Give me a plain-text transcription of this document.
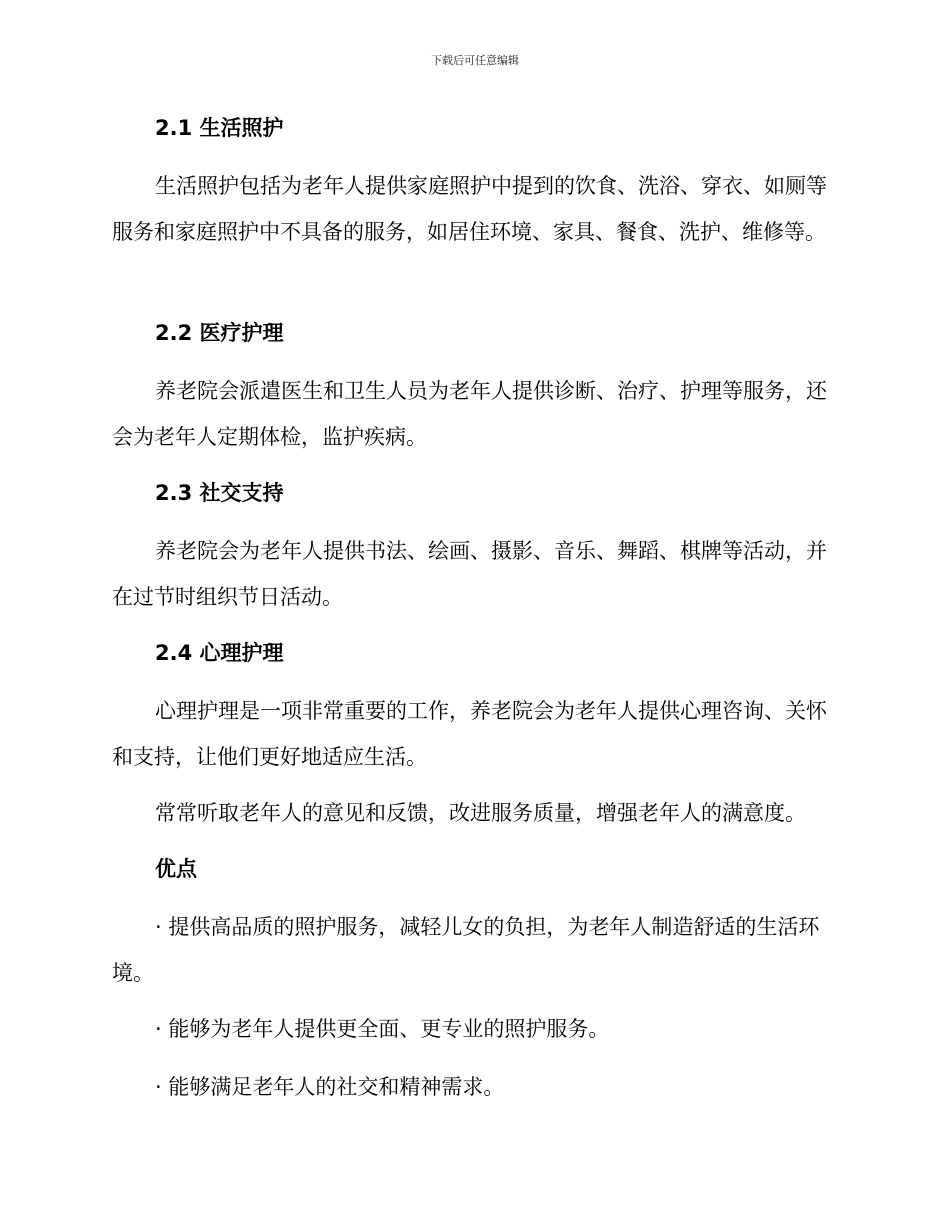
下载后可任意编辑
2.1 生活照护
生活照护包括为老年人提供家庭照护中提到的饮食、洗浴、穿衣、如厕等服务和家庭照护中不具备的服务，如居住环境、家具、餐食、洗护、维修等。
2.2 医疗护理
养老院会派遣医生和卫生人员为老年人提供诊断、治疗、护理等服务，还会为老年人定期体检，监护疾病。
2.3 社交支持
养老院会为老年人提供书法、绘画、摄影、音乐、舞蹈、棋牌等活动，并在过节时组织节日活动。
2.4 心理护理
心理护理是一项非常重要的工作，养老院会为老年人提供心理咨询、关怀和支持，让他们更好地适应生活。
常常听取老年人的意见和反馈，改进服务质量，增强老年人的满意度。
优点
· 提供高品质的照护服务，减轻儿女的负担，为老年人制造舒适的生活环境。
· 能够为老年人提供更全面、更专业的照护服务。
· 能够满足老年人的社交和精神需求。
